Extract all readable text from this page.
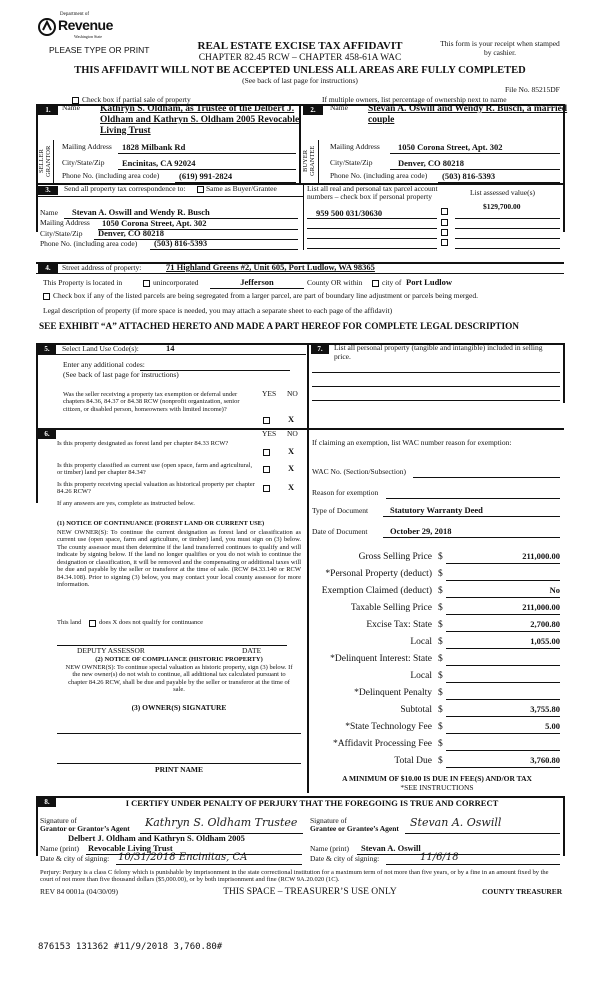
Department of
Revenue
Washington State
PLEASE TYPE OR PRINT	REAL ESTATE EXCISE TAX AFFIDAVIT
CHAPTER 82.45 RCW – CHAPTER 458-61A WAC
This form is your receipt when stamped by cashier.
THIS AFFIDAVIT WILL NOT BE ACCEPTED UNLESS ALL AREAS ARE FULLY COMPLETED
(See back of last page for instructions)
File No. 85215DF
Check box if partial sale of property	If multiple owners, list percentage of ownership next to name
1.	Name Kathryn S. Oldham, as Trustee of the Delbert J.
Oldham and Kathryn S. Oldham 2005 Revocable
Living Trust
SELLER GRANTOR Mailing Address 1828 Milbank Rd
City/State/Zip Encinitas, CA 92024
Phone No. (including area code) (619) 991-2824
2.	Name Stevan A. Oswill and Wendy R. Busch, a married
couple
BUYER GRANTEE Mailing Address 1050 Corona Street, Apt. 302
City/State/Zip	Denver, CO 80218
Phone No. (including area code) (503) 816-5393
3.	Send all property tax correspondence to:	Same as Buyer/Grantee	List all real and personal tax parcel account
numbers – check box if personal property	List assessed value(s)
$129,700.00
Name Stevan A. Oswill and Wendy R. Busch
Mailing Address 1050 Corona Street, Apt. 302
City/State/Zip Denver, CO 80218
Phone No. (including area code) (503) 816-5393
959 500 031/30630
4.	Street address of property:	71 Highland Greens #2, Unit 605, Port Ludlow, WA 98365
This Property is located in	unincorporated	Jefferson	County OR within	city of Port Ludlow
Check box if any of the listed parcels are being segregated from a larger parcel, are part of boundary line adjustment or parcels being merged.
Legal description of property (if more space is needed, you may attach a separate sheet to each page of the affidavit)
SEE EXHIBIT “A” ATTACHED HERETO AND MADE A PART HEREOF FOR COMPLETE LEGAL DESCRIPTION
5.	Select Land Use Code(s):	14
Enter any additional codes:
(See back of last page for instructions)
YES NO
Was the seller receiving a property tax exemption or deferral under chapters 84.36, 84.37 or 84.38 RCW (nonprofit organization, senior citizen, or disabled person, homeowners with limited income)?
X
6.	YES NO
Is this property designated as forest land per chapter 84.33 RCW?
X
Is this property classified as current use (open space, farm and agricultural, or timber) land per chapter 84.34?	X
Is this property receiving special valuation as historical property per chapter 84.26 RCW?	X
If any answers are yes, complete as instructed below.
(1) NOTICE OF CONTINUANCE (FOREST LAND OR CURRENT USE)
NEW OWNER(S): To continue the current designation as forest land or classification as current use (open space, farm and agriculture, or timber) land, you must sign on (3) below. The county assessor must then determine if the land transferred continues to qualify and will indicate by signing below. If the land no longer qualifies or you do not wish to continue the designation or classification, it will be removed and the compensating or additional taxes will be due and payable by the seller or transferor at the time of sale. (RCW 84.33.140 or RCW 84.34.108). Prior to signing (3) below, you may contact your local county assessor for more information.
This land	does X does not qualify for continuance
DEPUTY ASSESSOR	DATE
(2) NOTICE OF COMPLIANCE (HISTORIC PROPERTY)
NEW OWNER(S): To continue special valuation as historic property, sign (3) below. If the new owner(s) do not wish to continue, all additional tax calculated pursuant to chapter 84.26 RCW, shall be due and payable by the seller or transferor at the time of sale.
(3) OWNER(S) SIGNATURE
PRINT NAME
7.	List all personal property (tangible and intangible) included in selling price.
If claiming an exemption, list WAC number reason for exemption:
WAC No. (Section/Subsection)
Reason for exemption
Type of Document	Statutory Warranty Deed
Date of Document	October 29, 2018
Gross Selling Price $	211,000.00
*Personal Property (deduct) $
Exemption Claimed (deduct) $	No
Taxable Selling Price $	211,000.00
Excise Tax: State $	2,700.80
Local $	1,055.00
*Delinquent Interest: State $
Local $
*Delinquent Penalty $
Subtotal $	3,755.80
*State Technology Fee $	5.00
*Affidavit Processing Fee $
Total Due $	3,760.80
A MINIMUM OF $10.00 IS DUE IN FEE(S) AND/OR TAX
*SEE INSTRUCTIONS
8.	I CERTIFY UNDER PENALTY OF PERJURY THAT THE FOREGOING IS TRUE AND CORRECT
Signature of
Grantor or Grantor’s Agent Kathryn S. Oldham Trustee
Delbert J. Oldham and Kathryn S. Oldham 2005
Name (print) Revocable Living Trust
Date & city of signing: 10/31/2018 Encinitas, CA
Signature of
Grantee or Grantee’s Agent Stevan A. Oswill
Name (print) Stevan A. Oswill
Date & city of signing:	11/6/18
Perjury: Perjury is a class C felony which is punishable by imprisonment in the state correctional institution for a maximum term of not more than five years, or by a fine in an amount fixed by the court of not more than five thousand dollars ($5,000.00), or by both imprisonment and fine (RCW 9A.20.020 (1C).
REV 84 0001a (04/30/09)	THIS SPACE – TREASURER’S USE ONLY	COUNTY TREASURER
876153 131362 #11/9/2018 3,760.80#
